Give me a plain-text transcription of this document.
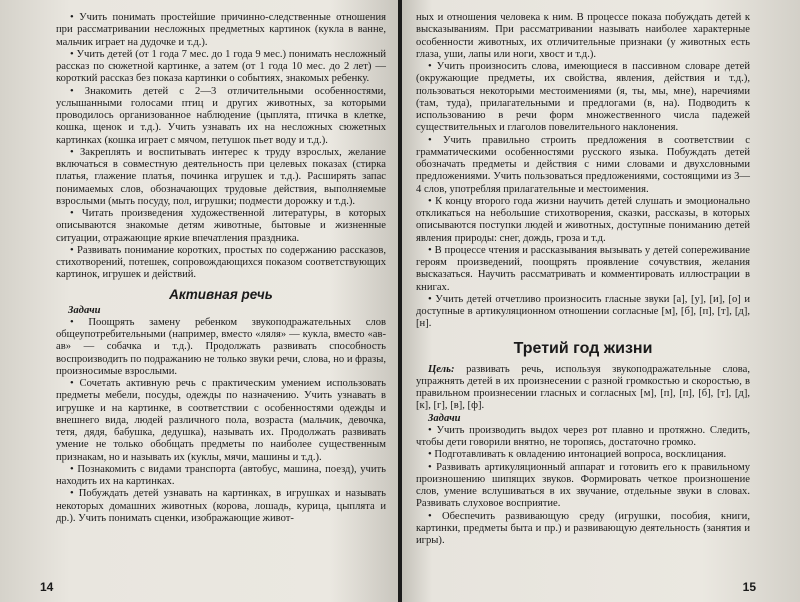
• Учить понимать простейшие причинно-следственные отношения при рассматривании несложных предметных картинок (кукла в ванне, мальчик играет на дудочке и т.д.).

• Учить детей (от 1 года 7 мес. до 1 года 9 мес.) понимать несложный рассказ по сюжетной картинке, а затем (от 1 года 10 мес. до 2 лет) — короткий рассказ без показа картинки о событиях, знакомых ребенку.

• Знакомить детей с 2—3 отличительными особенностями, услышанными голосами птиц и других животных, за которыми проводилось организованное наблюдение (цыплята, птичка в клетке, кошка, щенок и т.д.). Учить узнавать их на несложных сюжетных картинках (кошка играет с мячом, петушок пьет воду и т.д.).

• Закреплять и воспитывать интерес к труду взрослых, желание включаться в совместную деятельность при целевых показах (стирка платья, глажение платья, починка игрушек и т.д.). Расширять запас понимаемых слов, обозначающих трудовые действия, выполняемые взрослыми (мыть посуду, пол, игрушки; подмести дорожку и т.д.).

• Читать произведения художественной литературы, в которых описываются знакомые детям животные, бытовые и жизненные ситуации, отражающие яркие впечатления праздника.

• Развивать понимание коротких, простых по содержанию рассказов, стихотворений, потешек, сопровождающихся показом соответствующих картинок, игрушек и действий.

Активная речь

Задачи

• Поощрять замену ребенком звукоподражательных слов общеупотребительными (например, вместо «ляля» — кукла, вместо «ав-ав» — собачка и т.д.). Продолжать развивать способность воспроизводить по подражанию не только звуки речи, слова, но и фразы, произносимые взрослыми.

• Сочетать активную речь с практическим умением использовать предметы мебели, посуды, одежды по назначению. Учить узнавать в игрушке и на картинке, в соответствии с особенностями одежды и внешнего вида, людей различного пола, возраста (мальчик, девочка, тетя, дядя, бабушка, дедушка), называть их. Продолжать развивать умение не только обобщать предметы по наиболее существенным признакам, но и называть их (куклы, мячи, машины и т.д.).

• Познакомить с видами транспорта (автобус, машина, поезд), учить находить их на картинках.

• Побуждать детей узнавать на картинках, в игрушках и называть некоторых домашних животных (корова, лошадь, курица, цыплята и др.). Учить понимать сценки, изображающие живот-

14

ных и отношения человека к ним. В процессе показа побуждать детей к высказываниям. При рассматривании называть наиболее характерные особенности животных, их отличительные признаки (у животных есть глаза, уши, лапы или ноги, хвост и т.д.).

• Учить произносить слова, имеющиеся в пассивном словаре детей (окружающие предметы, их свойства, явления, действия и т.д.), пользоваться некоторыми местоимениями (я, ты, мы, мне), наречиями (там, туда), прилагательными и предлогами (в, на). Подводить к использованию в речи форм множественного числа падежей существительных и глаголов повелительного наклонения.

• Учить правильно строить предложения в соответствии с грамматическими особенностями русского языка. Побуждать детей обозначать предметы и действия с ними словами и двухсловными предложениями. Учить пользоваться предложениями, состоящими из 3—4 слов, употребляя прилагательные и местоимения.

• К концу второго года жизни научить детей слушать и эмоционально откликаться на небольшие стихотворения, сказки, рассказы, в которых описываются поступки людей и животных, доступные пониманию детей явления природы: снег, дождь, гроза и т.д.

• В процессе чтения и рассказывания вызывать у детей сопереживание героям произведений, поощрять проявление сочувствия, желания высказаться. Научить рассматривать и комментировать иллюстрации в книгах.

• Учить детей отчетливо произносить гласные звуки [а], [у], [и], [о] и доступные в артикуляционном отношении согласные [м], [б], [п], [т], [д], [н].

Третий год жизни

Цель: развивать речь, используя звукоподражательные слова, упражнять детей в их произнесении с разной громкостью и скоростью, в правильном произнесении гласных и согласных [м], [п], [п], [б], [т], [д], [к], [г], [в], [ф].

Задачи

• Учить производить выдох через рот плавно и протяжно. Следить, чтобы дети говорили внятно, не торопясь, достаточно громко.

• Подготавливать к овладению интонацией вопроса, восклицания.

• Развивать артикуляционный аппарат и готовить его к правильному произношению шипящих звуков. Формировать четкое произношение слов, умение вслушиваться в их звучание, отдельные звуки в словах. Развивать слуховое восприятие.

• Обеспечить развивающую среду (игрушки, пособия, книги, картинки, предметы быта и пр.) и развивающую деятельность (занятия и игры).

15
